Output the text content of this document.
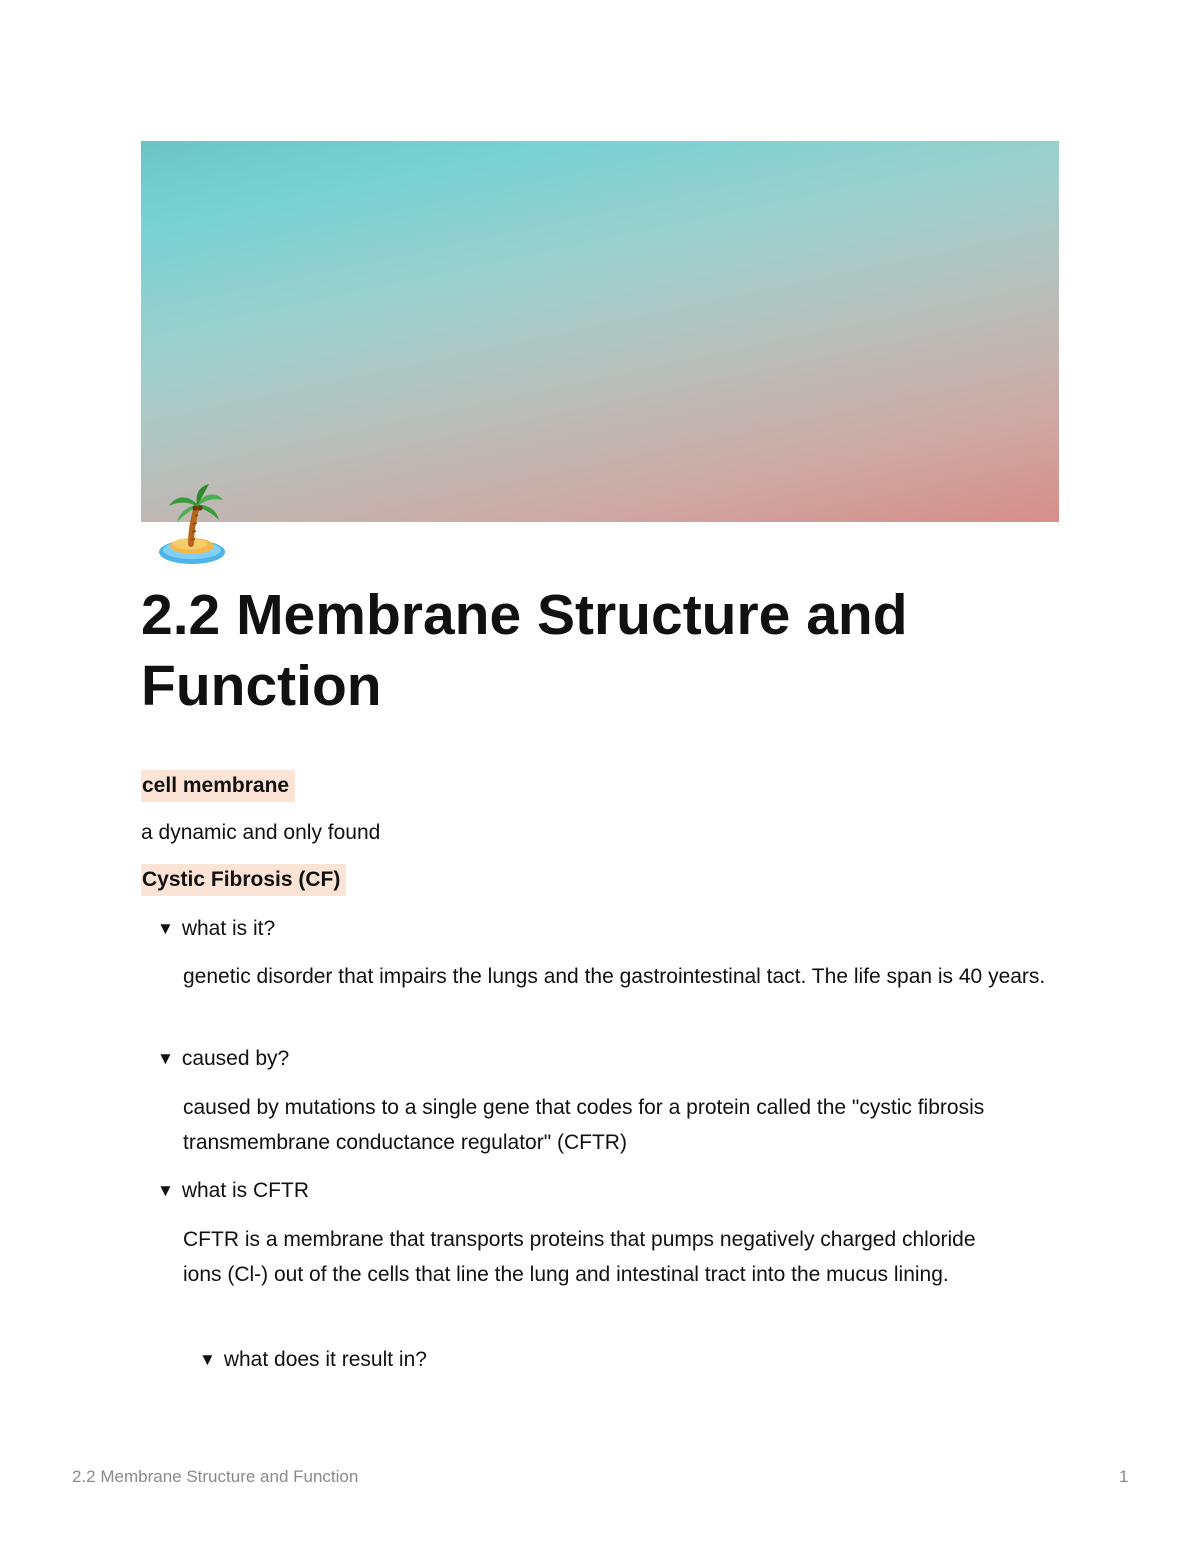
2.2 Membrane Structure and Function
cell membrane
a dynamic and only found
Cystic Fibrosis (CF)
▼ what is it?
genetic disorder that impairs the lungs and the gastrointestinal tact. The life span is 40 years.
▼ caused by?
caused by mutations to a single gene that codes for a protein called the "cystic fibrosis transmembrane conductance regulator" (CFTR)
▼ what is CFTR
CFTR is a membrane that transports proteins that pumps negatively charged chloride ions (Cl-) out of the cells that line the lung and intestinal tract into the mucus lining.
▼ what does it result in?
2.2 Membrane Structure and Function	1
